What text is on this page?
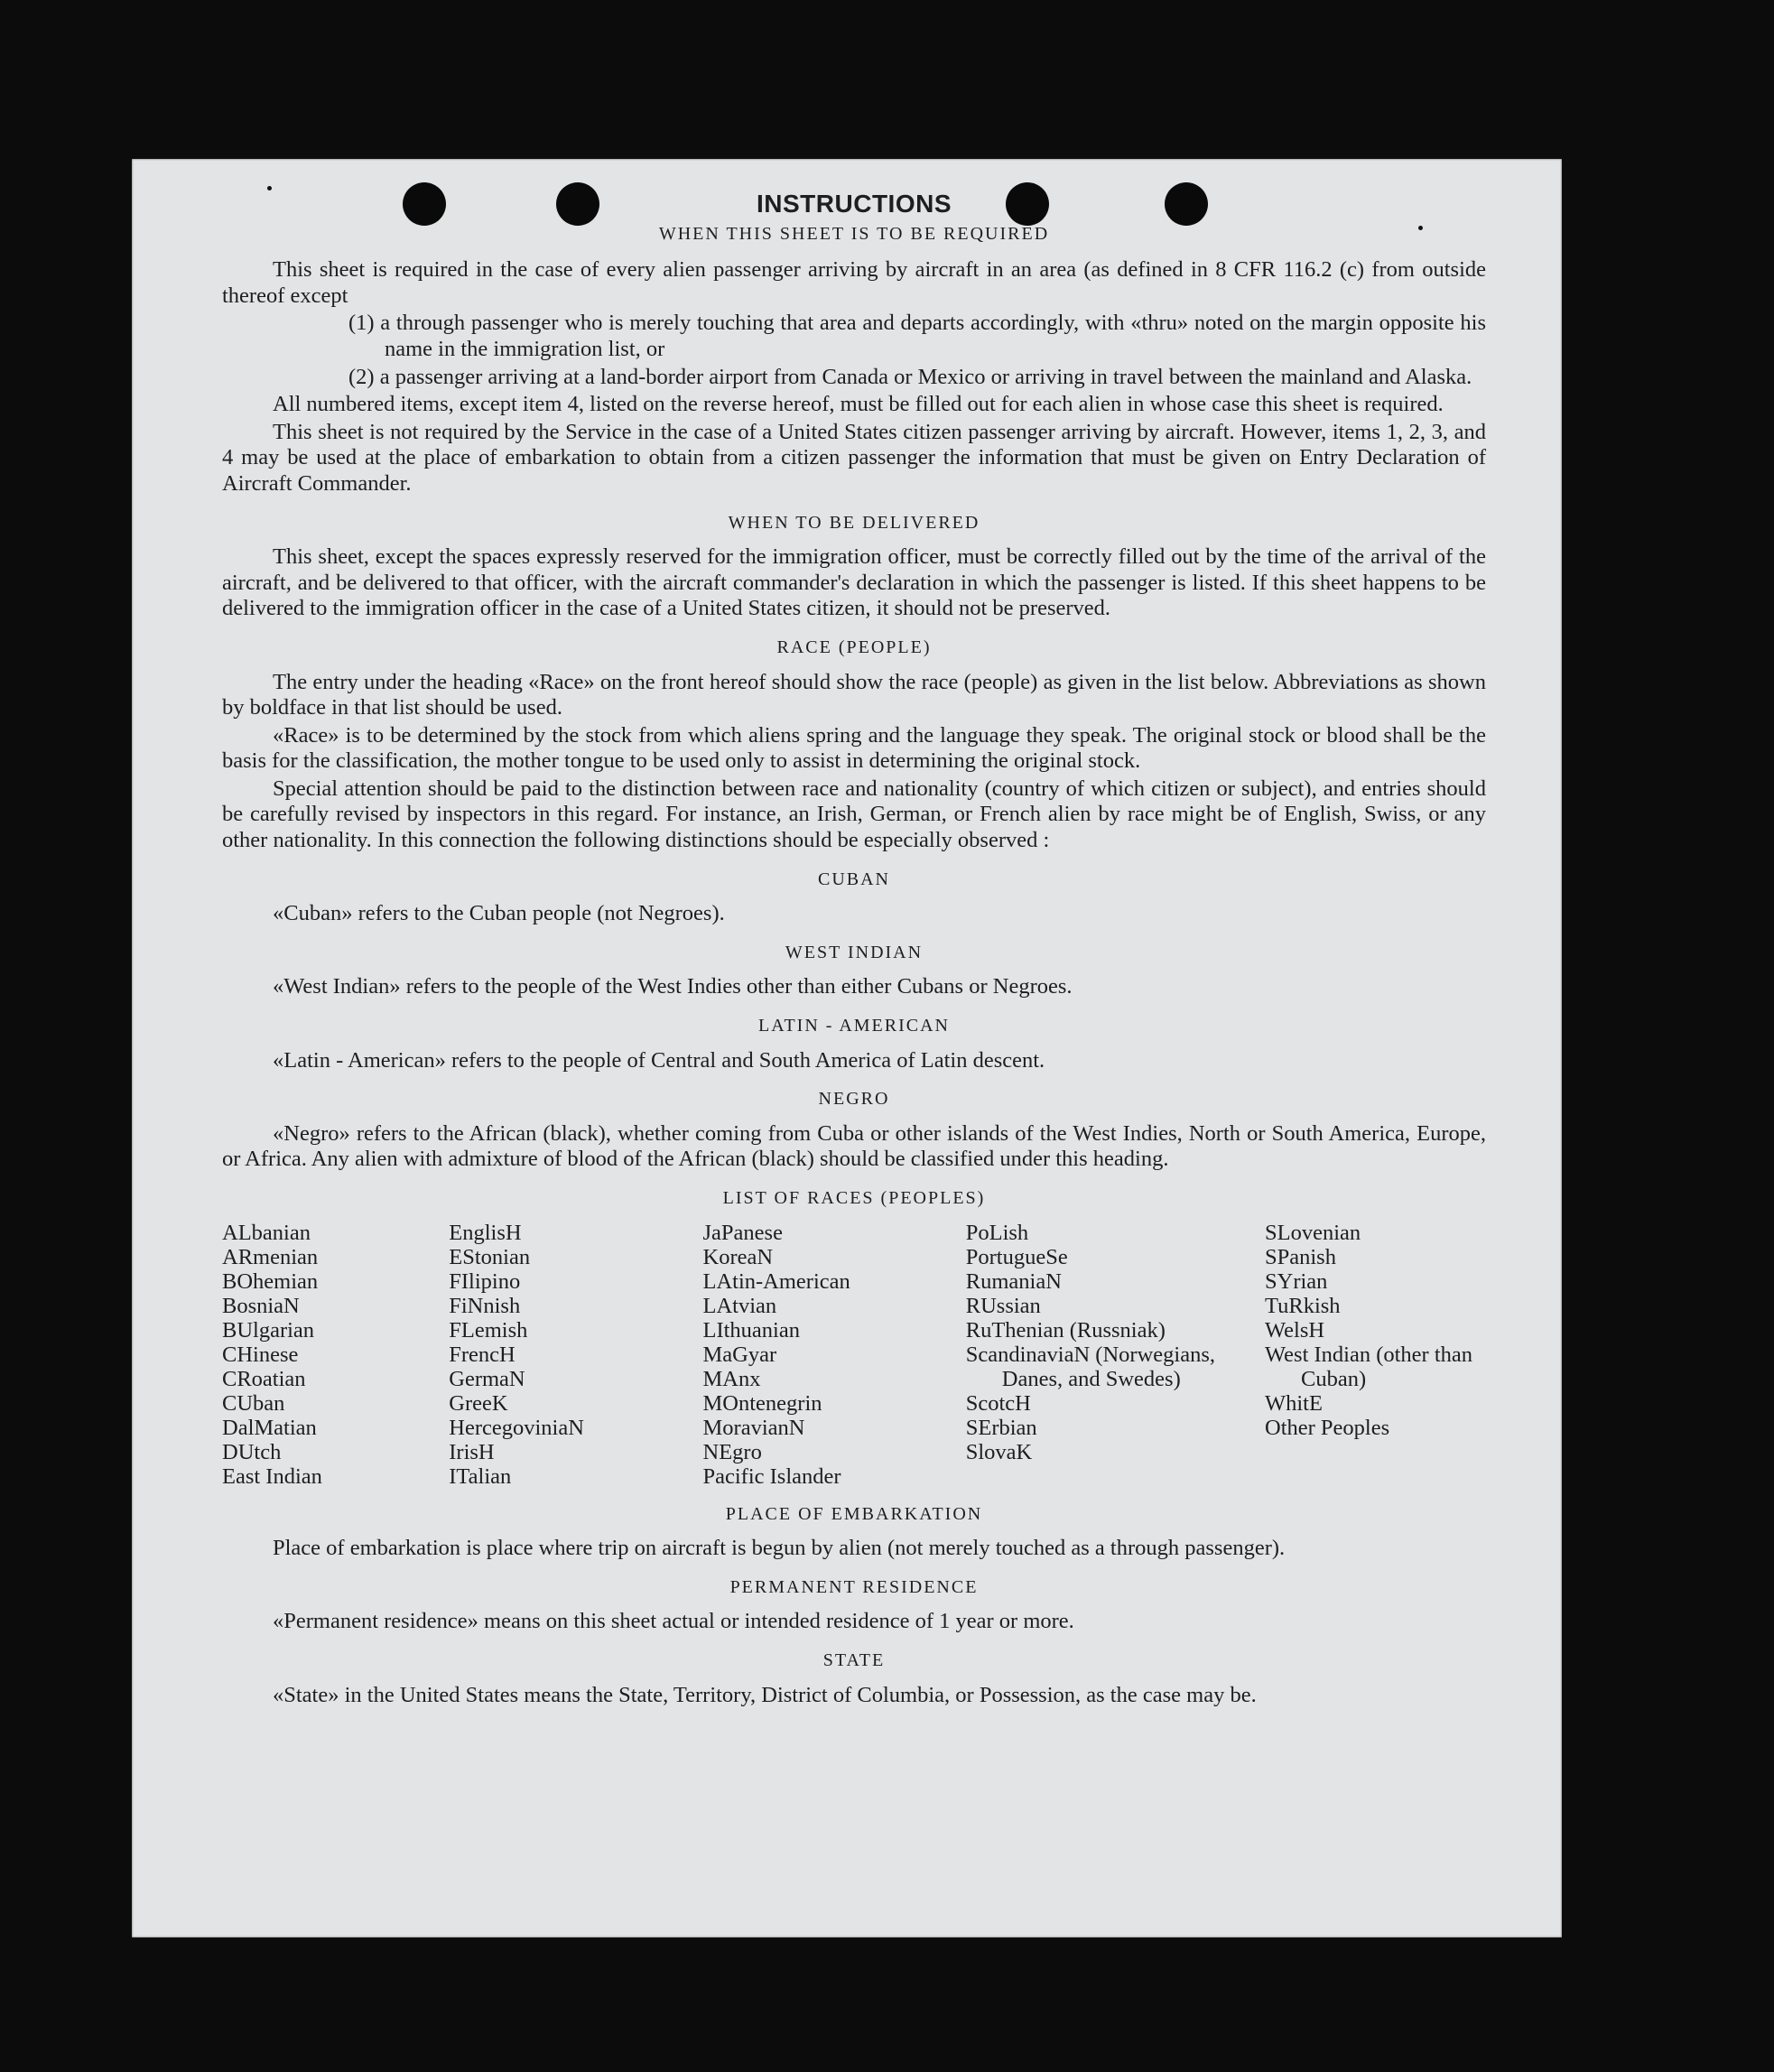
INSTRUCTIONS
WHEN THIS SHEET IS TO BE REQUIRED

This sheet is required in the case of every alien passenger arriving by aircraft in an area (as defined in 8 CFR 116.2 (c) from outside thereof except

(1) a through passenger who is merely touching that area and departs accordingly, with «thru» noted on the margin opposite his name in the immigration list, or
(2) a passenger arriving at a land-border airport from Canada or Mexico or arriving in travel between the mainland and Alaska.

All numbered items, except item 4, listed on the reverse hereof, must be filled out for each alien in whose case this sheet is required.

This sheet is not required by the Service in the case of a United States citizen passenger arriving by aircraft. However, items 1, 2, 3, and 4 may be used at the place of embarkation to obtain from a citizen passenger the information that must be given on Entry Declaration of Aircraft Commander.

WHEN TO BE DELIVERED

This sheet, except the spaces expressly reserved for the immigration officer, must be correctly filled out by the time of the arrival of the aircraft, and be delivered to that officer, with the aircraft commander's declaration in which the passenger is listed. If this sheet happens to be delivered to the immigration officer in the case of a United States citizen, it should not be preserved.

RACE (PEOPLE)

The entry under the heading «Race» on the front hereof should show the race (people) as given in the list below. Abbreviations as shown by boldface in that list should be used.

«Race» is to be determined by the stock from which aliens spring and the language they speak. The original stock or blood shall be the basis for the classification, the mother tongue to be used only to assist in determining the original stock.

Special attention should be paid to the distinction between race and nationality (country of which citizen or subject), and entries should be carefully revised by inspectors in this regard. For instance, an Irish, German, or French alien by race might be of English, Swiss, or any other nationality. In this connection the following distinctions should be especially observed :

CUBAN

«Cuban» refers to the Cuban people (not Negroes).

WEST INDIAN

«West Indian» refers to the people of the West Indies other than either Cubans or Negroes.

LATIN - AMERICAN

«Latin - American» refers to the people of Central and South America of Latin descent.

NEGRO

«Negro» refers to the African (black), whether coming from Cuba or other islands of the West Indies, North or South America, Europe, or Africa. Any alien with admixture of blood of the African (black) should be classified under this heading.

LIST OF RACES (PEOPLES)
ALbanian
ARmenian
BOhemian
BosniaN
BUlgarian
CHinese
CRoatian
CUban
DalMatian
DUtch
East Indian
EnglisH
EStonian
FIlipino
FiNnish
FLemish
FrencH
GermaN
GreeK
HercegoviniaN
IrisH
ITalian
JaPanese
KoreaN
LAtin-American
LAtvian
LIthuanian
MaGyar
MAnx
MOntenegrin
MoravianN
NEgro
Pacific Islander
PoLish
PortugueSe
RumaniaN
RUssian
RuThenian (Russniak)
ScandinaviaN (Norwegians, Danes, and Swedes)
ScotcH
SErbian
SlovaK
SLovenian
SPanish
SYrian
TuRkish
WelsH
West Indian (other than Cuban)
WhitE
Other Peoples
PLACE OF EMBARKATION

Place of embarkation is place where trip on aircraft is begun by alien (not merely touched as a through passenger).

PERMANENT RESIDENCE

«Permanent residence» means on this sheet actual or intended residence of 1 year or more.

STATE

«State» in the United States means the State, Territory, District of Columbia, or Possession, as the case may be.
